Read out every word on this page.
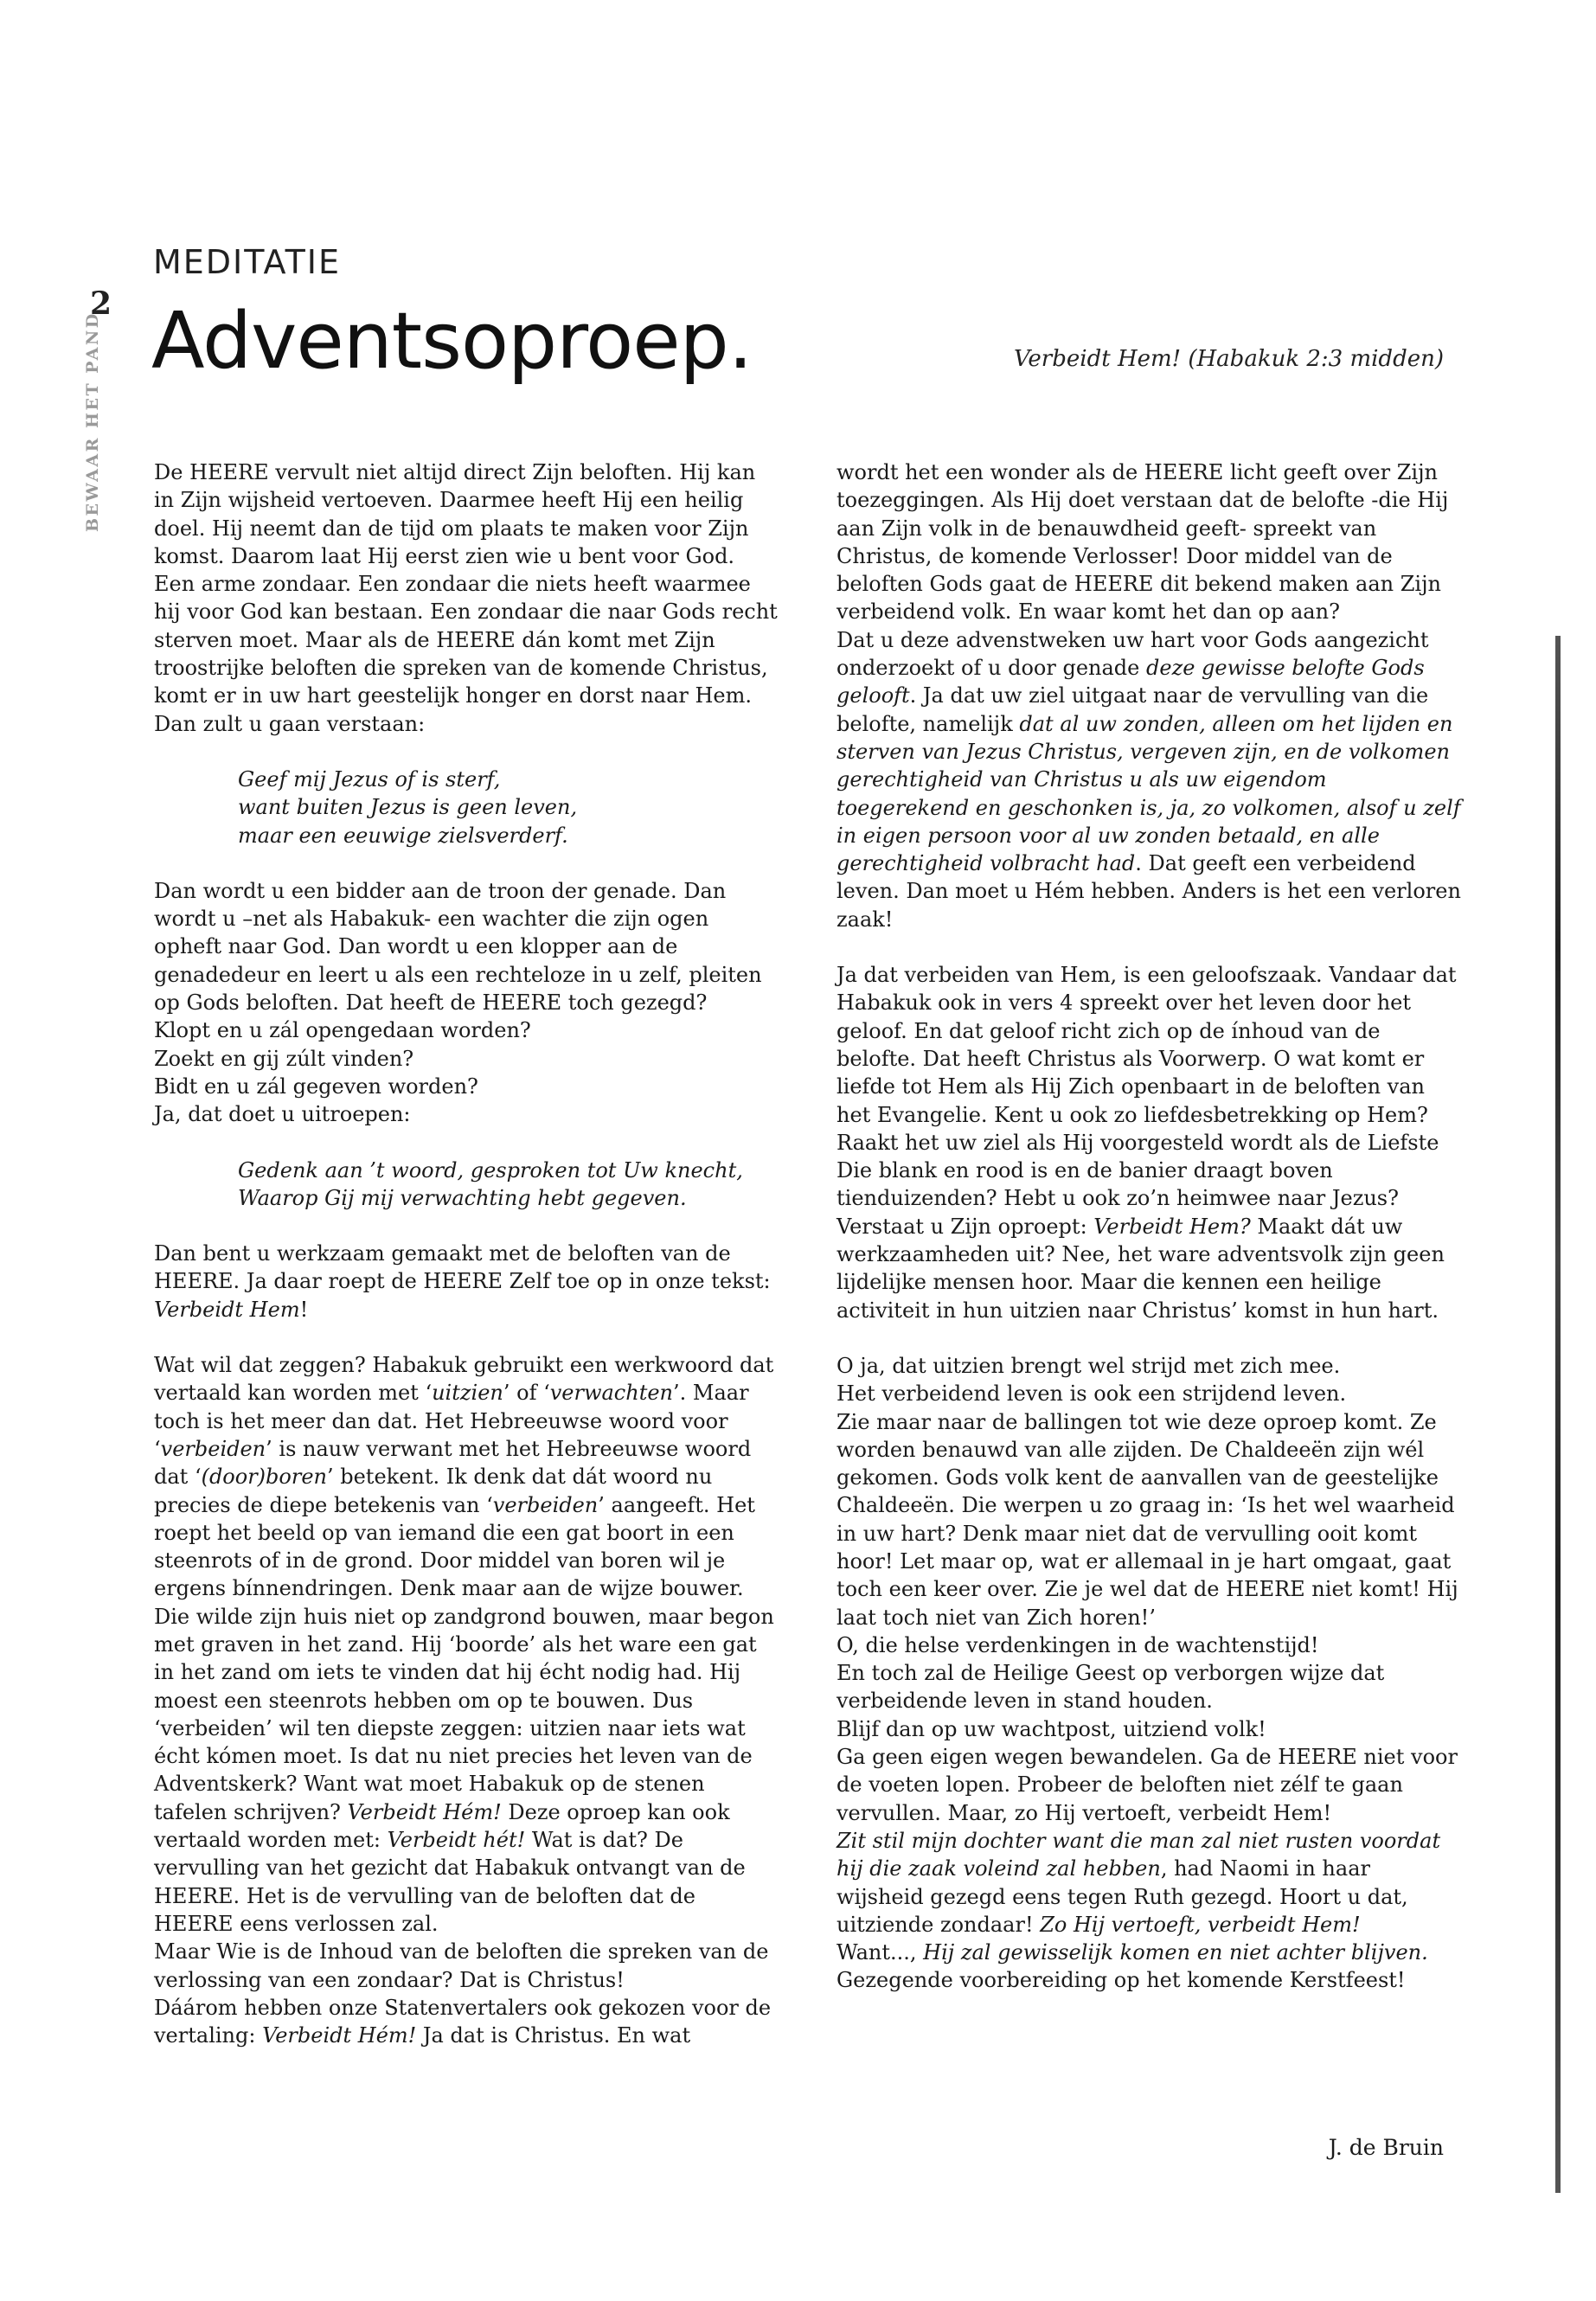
2
BEWAAR HET PAND
MEDITATIE
Adventsoproep.	Verbeidt Hem! (Habakuk 2:3 midden)

De HEERE vervult niet altijd direct Zijn beloften. Hij kan in Zijn wijsheid vertoeven. Daarmee heeft Hij een heilig doel. Hij neemt dan de tijd om plaats te maken voor Zijn komst. Daarom laat Hij eerst zien wie u bent voor God. Een arme zondaar. Een zondaar die niets heeft waarmee hij voor God kan bestaan. Een zondaar die naar Gods recht sterven moet. Maar als de HEERE dán komt met Zijn troostrijke beloften die spreken van de komende Christus, komt er in uw hart geestelijk honger en dorst naar Hem. Dan zult u gaan verstaan:

Geef mij Jezus of is sterf,
want buiten Jezus is geen leven,
maar een eeuwige zielsverderf.

Dan wordt u een bidder aan de troon der genade. Dan wordt u –net als Habakuk- een wachter die zijn ogen opheft naar God. Dan wordt u een klopper aan de genadedeur en leert u als een rechteloze in u zelf, pleiten op Gods beloften. Dat heeft de HEERE toch gezegd?

Klopt en u zál opengedaan worden?
Zoekt en gij zúlt vinden?
Bidt en u zál gegeven worden?
Ja, dat doet u uitroepen:

Gedenk aan ’t woord, gesproken tot Uw knecht,
Waarop Gij mij verwachting hebt gegeven.

Dan bent u werkzaam gemaakt met de beloften van de HEERE. Ja daar roept de HEERE Zelf toe op in onze tekst: Verbeidt Hem!

Wat wil dat zeggen? Habakuk gebruikt een werkwoord dat vertaald kan worden met ‘uitzien’ of ‘verwachten’. Maar toch is het meer dan dat. Het Hebreeuwse woord voor ‘verbeiden’ is nauw verwant met het Hebreeuwse woord dat ‘(door)boren’ betekent. Ik denk dat dát woord nu precies de diepe betekenis van ‘verbeiden’ aangeeft. Het roept het beeld op van iemand die een gat boort in een steenrots of in de grond. Door middel van boren wil je ergens bínnendringen. Denk maar aan de wijze bouwer. Die wilde zijn huis niet op zandgrond bouwen, maar begon met graven in het zand. Hij ‘boorde’ als het ware een gat in het zand om iets te vinden dat hij écht nodig had. Hij moest een steenrots hebben om op te bouwen. Dus ‘verbeiden’ wil ten diepste zeggen: uitzien naar iets wat écht kómen moet. Is dat nu niet precies het leven van de Adventskerk? Want wat moet Habakuk op de stenen tafelen schrijven? Verbeidt Hém! Deze oproep kan ook vertaald worden met: Verbeidt hét! Wat is dat? De vervulling van het gezicht dat Habakuk ontvangt van de HEERE. Het is de vervulling van de beloften dat de HEERE eens verlossen zal.

Maar Wie is de Inhoud van de beloften die spreken van de verlossing van een zondaar? Dat is Christus!

Dáárom hebben onze Statenvertalers ook gekozen voor de vertaling: Verbeidt Hém! Ja dat is Christus. En wat

wordt het een wonder als de HEERE licht geeft over Zijn toezeggingen. Als Hij doet verstaan dat de belofte -die Hij aan Zijn volk in de benauwdheid geeft- spreekt van Christus, de komende Verlosser! Door middel van de beloften Gods gaat de HEERE dit bekend maken aan Zijn verbeidend volk. En waar komt het dan op aan?

Dat u deze advenstweken uw hart voor Gods aangezicht onderzoekt of u door genade deze gewisse belofte Gods gelooft. Ja dat uw ziel uitgaat naar de vervulling van die belofte, namelijk dat al uw zonden, alleen om het lijden en sterven van Jezus Christus, vergeven zijn, en de volkomen gerechtigheid van Christus u als uw eigendom toegerekend en geschonken is, ja, zo volkomen, alsof u zelf in eigen persoon voor al uw zonden betaald, en alle gerechtigheid volbracht had. Dat geeft een verbeidend leven. Dan moet u Hém hebben. Anders is het een verloren zaak!

Ja dat verbeiden van Hem, is een geloofszaak. Vandaar dat Habakuk ook in vers 4 spreekt over het leven door het geloof. En dat geloof richt zich op de ínhoud van de belofte. Dat heeft Christus als Voorwerp. O wat komt er liefde tot Hem als Hij Zich openbaart in de beloften van het Evangelie. Kent u ook zo liefdesbetrekking op Hem? Raakt het uw ziel als Hij voorgesteld wordt als de Liefste Die blank en rood is en de banier draagt boven tienduizenden? Hebt u ook zo’n heimwee naar Jezus? Verstaat u Zijn oproept: Verbeidt Hem? Maakt dát uw werkzaamheden uit? Nee, het ware adventsvolk zijn geen lijdelijke mensen hoor. Maar die kennen een heilige activiteit in hun uitzien naar Christus’ komst in hun hart.

O ja, dat uitzien brengt wel strijd met zich mee.
Het verbeidend leven is ook een strijdend leven.

Zie maar naar de ballingen tot wie deze oproep komt. Ze worden benauwd van alle zijden. De Chaldeeën zijn wél gekomen. Gods volk kent de aanvallen van de geestelijke Chaldeeën. Die werpen u zo graag in: ‘Is het wel waarheid in uw hart? Denk maar niet dat de vervulling ooit komt hoor! Let maar op, wat er allemaal in je hart omgaat, gaat toch een keer over. Zie je wel dat de HEERE niet komt! Hij laat toch niet van Zich horen!’

O, die helse verdenkingen in de wachtenstijd!

En toch zal de Heilige Geest op verborgen wijze dat verbeidende leven in stand houden.

Blijf dan op uw wachtpost, uitziend volk!

Ga geen eigen wegen bewandelen. Ga de HEERE niet voor de voeten lopen. Probeer de beloften niet zélf te gaan vervullen. Maar, zo Hij vertoeft, verbeidt Hem!

Zit stil mijn dochter want die man zal niet rusten voordat hij die zaak voleind zal hebben, had Naomi in haar wijsheid gezegd eens tegen Ruth gezegd. Hoort u dat, uitziende zondaar! Zo Hij vertoeft, verbeidt Hem!

Want..., Hij zal gewisselijk komen en niet achter blijven.

Gezegende voorbereiding op het komende Kerstfeest!

J. de Bruin
